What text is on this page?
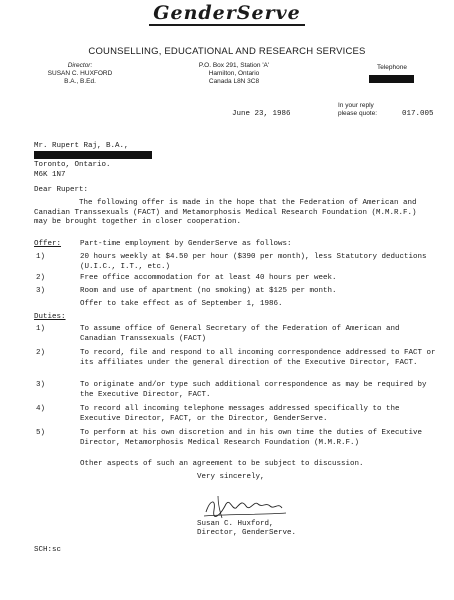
GenderServe
COUNSELLING, EDUCATIONAL AND RESEARCH SERVICES
Director:
SUSAN C. HUXFORD
B.A., B.Ed.
P.O. Box 291, Station 'A'
Hamilton, Ontario
Canada L8N 3C8
Telephone
In your reply
please quote:
June 23, 1986	017.005
Mr. Rupert Raj, B.A.,
Toronto, Ontario.
M6K 1N7
Dear Rupert:
The following offer is made in the hope that the Federation of American and Canadian Transsexuals (FACT) and Metamorphosis Medical Research Foundation (M.M.R.F.) may be brought together in closer cooperation.
Offer:	Part-time employment by GenderServe as follows:
1)	20 hours weekly at $4.50 per hour ($390 per month), less Statutory deductions (U.I.C., I.T., etc.)
2)	Free office accommodation for at least 40 hours per week.
3)	Room and use of apartment (no smoking) at $125 per month.
Offer to take effect as of September 1, 1986.
Duties:
1)	To assume office of General Secretary of the Federation of American and Canadian Transsexuals (FACT)
2)	To record, file and respond to all incoming correspondence addressed to FACT or its affiliates under the general direction of the Executive Director, FACT.
3)	To originate and/or type such additional correspondence as may be required by the Executive Director, FACT.
4)	To record all incoming telephone messages addressed specifically to the Executive Director, FACT, or the Director, GenderServe.
5)	To perform at his own discretion and in his own time the duties of Executive Director, Metamorphosis Medical Research Foundation (M.M.R.F.)
Other aspects of such an agreement to be subject to discussion.
Very sincerely,
Susan C. Huxford,
Director, GenderServe.
SCH:sc
